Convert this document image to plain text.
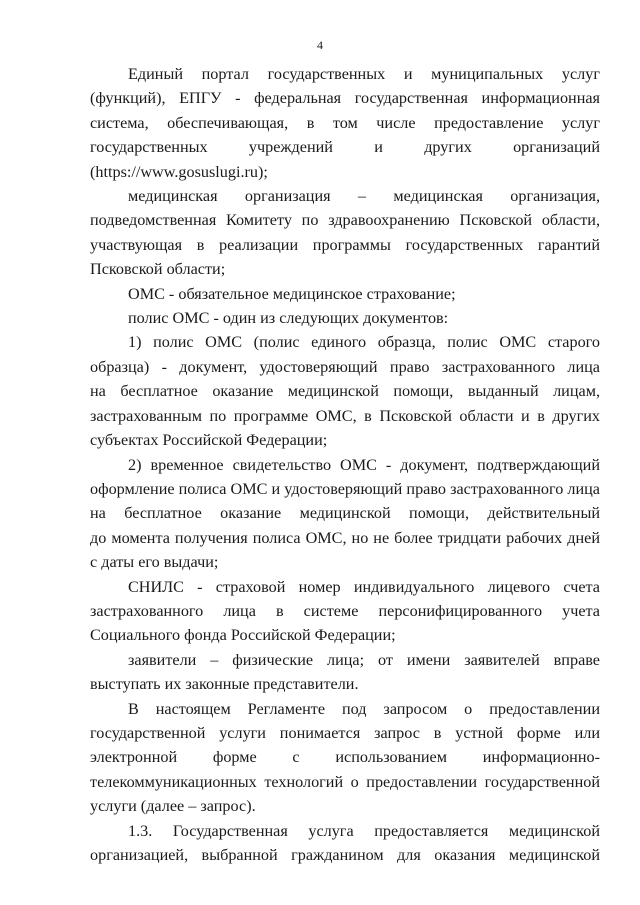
4
Единый портал государственных и муниципальных услуг
(функций), ЕПГУ - федеральная государственная информационная
система, обеспечивающая, в том числе предоставление услуг
государственных учреждений и других организаций
(https://www.gosuslugi.ru);
медицинская организация – медицинская организация,
подведомственная Комитету по здравоохранению Псковской области,
участвующая в реализации программы государственных гарантий
Псковской области;
ОМС - обязательное медицинское страхование;
полис ОМС - один из следующих документов:
1) полис ОМС (полис единого образца, полис ОМС старого
образца) - документ, удостоверяющий право застрахованного лица
на бесплатное оказание медицинской помощи, выданный лицам,
застрахованным по программе ОМС, в Псковской области и в других
субъектах Российской Федерации;
2) временное свидетельство ОМС - документ, подтверждающий
оформление полиса ОМС и удостоверяющий право застрахованного лица
на бесплатное оказание медицинской помощи, действительный
до момента получения полиса ОМС, но не более тридцати рабочих дней
с даты его выдачи;
СНИЛС - страховой номер индивидуального лицевого счета
застрахованного лица в системе персонифицированного учета
Социального фонда Российской Федерации;
заявители – физические лица; от имени заявителей вправе
выступать их законные представители.
В настоящем Регламенте под запросом о предоставлении
государственной услуги понимается запрос в устной форме или
электронной форме с использованием информационно-
телекоммуникационных технологий о предоставлении государственной
услуги (далее – запрос).
1.3. Государственная услуга предоставляется медицинской
организацией, выбранной гражданином для оказания медицинской
